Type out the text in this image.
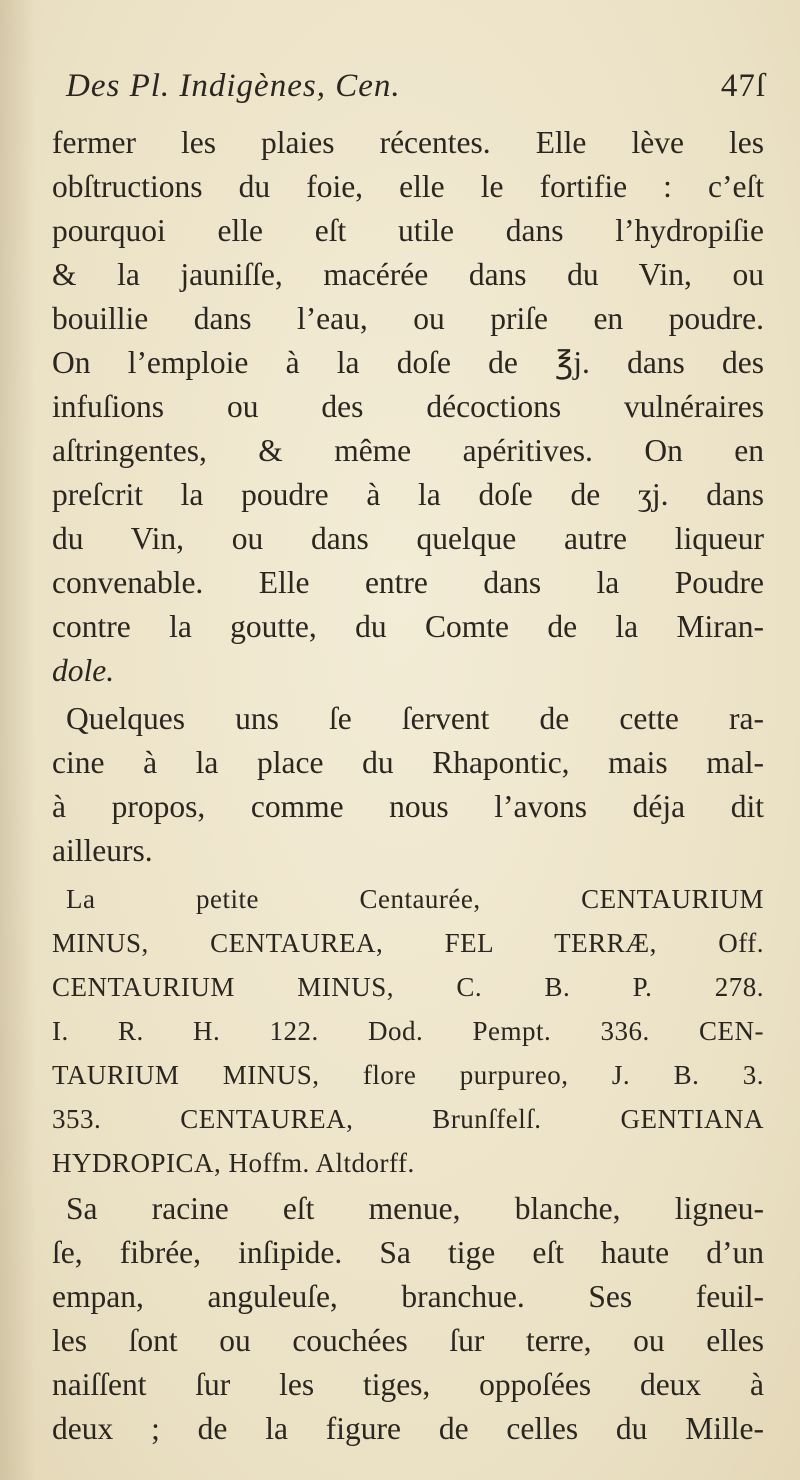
Des Pl. Indigènes, Cen.	47ſ
fermer les plaies récentes. Elle lève les
obſtructions du foie, elle le fortifie : c’eſt
pourquoi elle eſt utile dans l’hydropiſie
& la jauniſſe, macérée dans du Vin, ou
bouillie dans l’eau, ou priſe en poudre.
On l’emploie à la doſe de ℥j. dans des
infuſions ou des décoctions vulnéraires
aſtringentes, & même apéritives. On en
preſcrit la poudre à la doſe de ʒj. dans
du Vin, ou dans quelque autre liqueur
convenable. Elle entre dans la Poudre
contre la goutte, du Comte de la Miran-
dole.
Quelques uns ſe ſervent de cette ra-
cine à la place du Rhapontic, mais mal-
à propos, comme nous l’avons déja dit
ailleurs.
La petite Centaurée, CENTAURIUM
MINUS, CENTAUREA, FEL TERRÆ, Off.
CENTAURIUM MINUS, C. B. P. 278.
I. R. H. 122. Dod. Pempt. 336. CEN-
TAURIUM MINUS, flore purpureo, J. B. 3.
353. CENTAUREA, Brunſfelſ. GENTIANA
HYDROPICA, Hoffm. Altdorff.
Sa racine eſt menue, blanche, ligneu-
ſe, fibrée, inſipide. Sa tige eſt haute d’un
empan, anguleuſe, branchue. Ses feuil-
les ſont ou couchées ſur terre, ou elles
naiſſent ſur les tiges, oppoſées deux à
deux ; de la figure de celles du Mille-
